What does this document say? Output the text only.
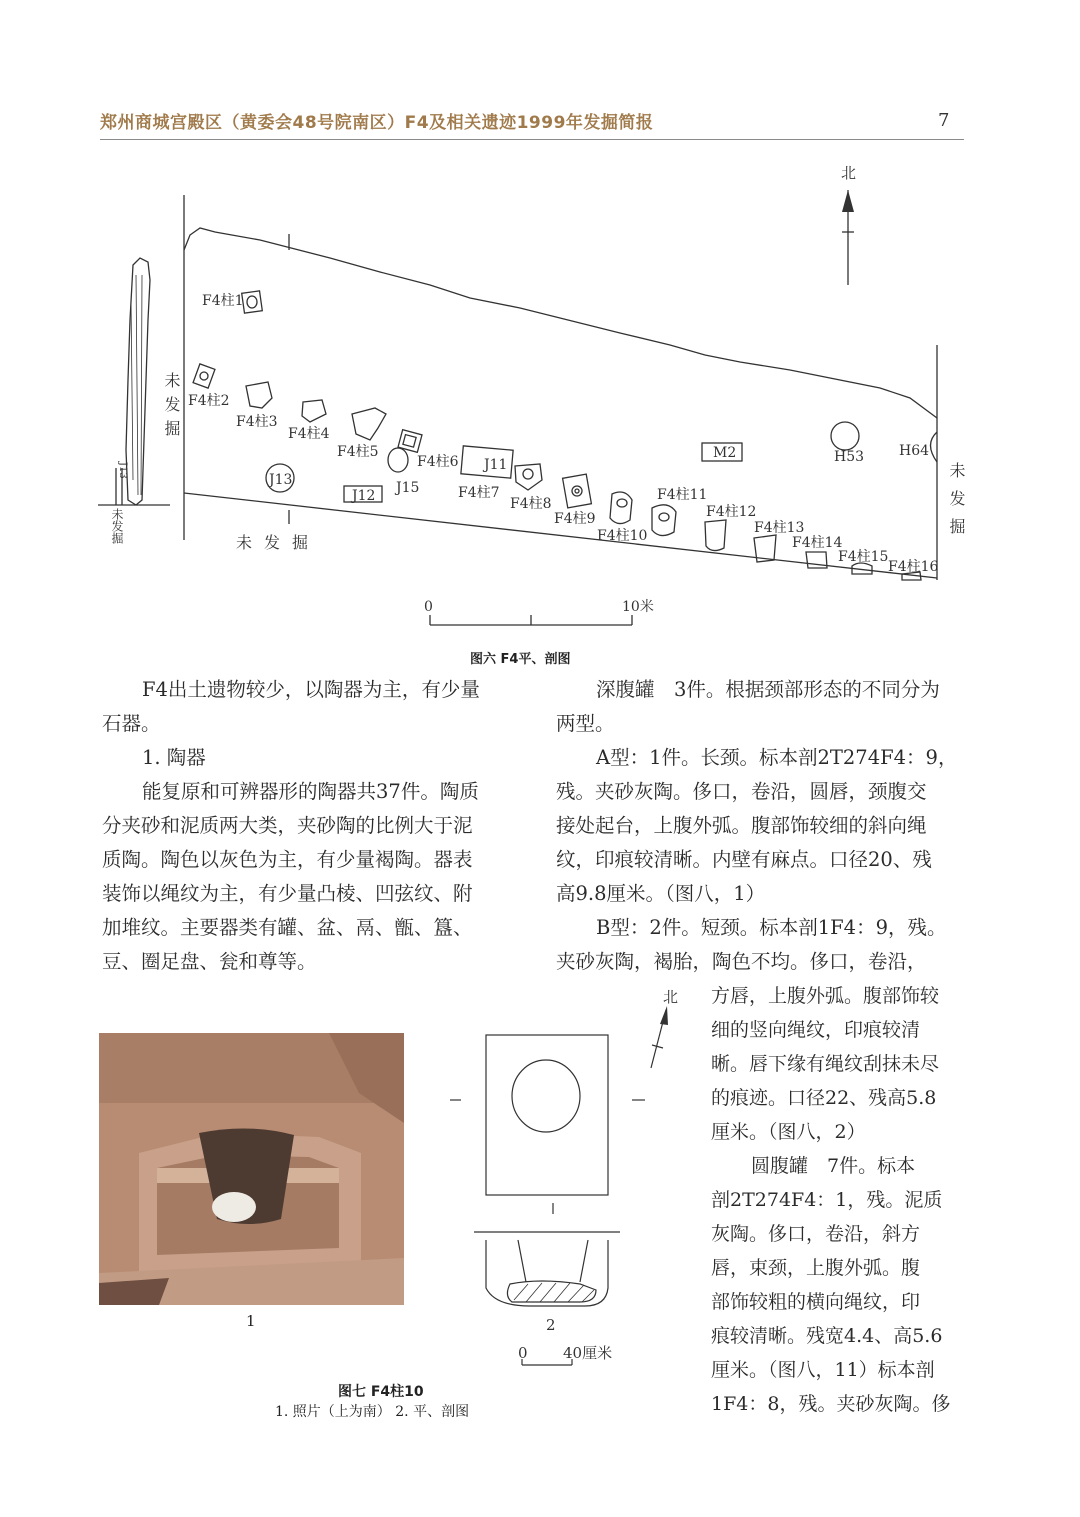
郑州商城宫殿区（黄委会48号院南区）F4及相关遗迹1999年发掘简报	7
北
F4柱1
F4柱2
F4柱3
F4柱4
F4柱5
F4柱6
F4柱7
F4柱8
F4柱9
F4柱10
F4柱11
F4柱12
F4柱13
F4柱14
F4柱15
F4柱16
J11
J12
J13	J15
M2	H53 H64
0	10米
未发掘
未发掘	未发掘
未发掘
J13
图六 F4平、剖图
F4出土遗物较少，以陶器为主，有少量
石器。
1. 陶器
能复原和可辨器形的陶器共37件。陶质
分夹砂和泥质两大类，夹砂陶的比例大于泥
质陶。陶色以灰色为主，有少量褐陶。器表
装饰以绳纹为主，有少量凸棱、凹弦纹、附
加堆纹。主要器类有罐、盆、鬲、甑、簋、
豆、圈足盘、瓮和尊等。
深腹罐　3件。根据颈部形态的不同分为
两型。
A型：1件。长颈。标本剖2T274F4：9，
残。夹砂灰陶。侈口，卷沿，圆唇，颈腹交
接处起台，上腹外弧。腹部饰较细的斜向绳
纹，印痕较清晰。内壁有麻点。口径20、残
高9.8厘米。（图八，1）
B型：2件。短颈。标本剖1F4：9，残。
夹砂灰陶，褐胎，陶色不均。侈口，卷沿，
方唇，上腹外弧。腹部饰较
细的竖向绳纹，印痕较清
晰。唇下缘有绳纹刮抹未尽
的痕迹。口径22、残高5.8
厘米。（图八，2）
圆腹罐　7件。标本
剖2T274F4：1，残。泥质
灰陶。侈口，卷沿，斜方
唇，束颈，上腹外弧。腹
部饰较粗的横向绳纹，印
痕较清晰。残宽4.4、高5.6
厘米。（图八，11）标本剖
1F4：8，残。夹砂灰陶。侈
北
2
0 40厘米
1
图七 F4柱10
1. 照片（上为南） 2. 平、剖图
